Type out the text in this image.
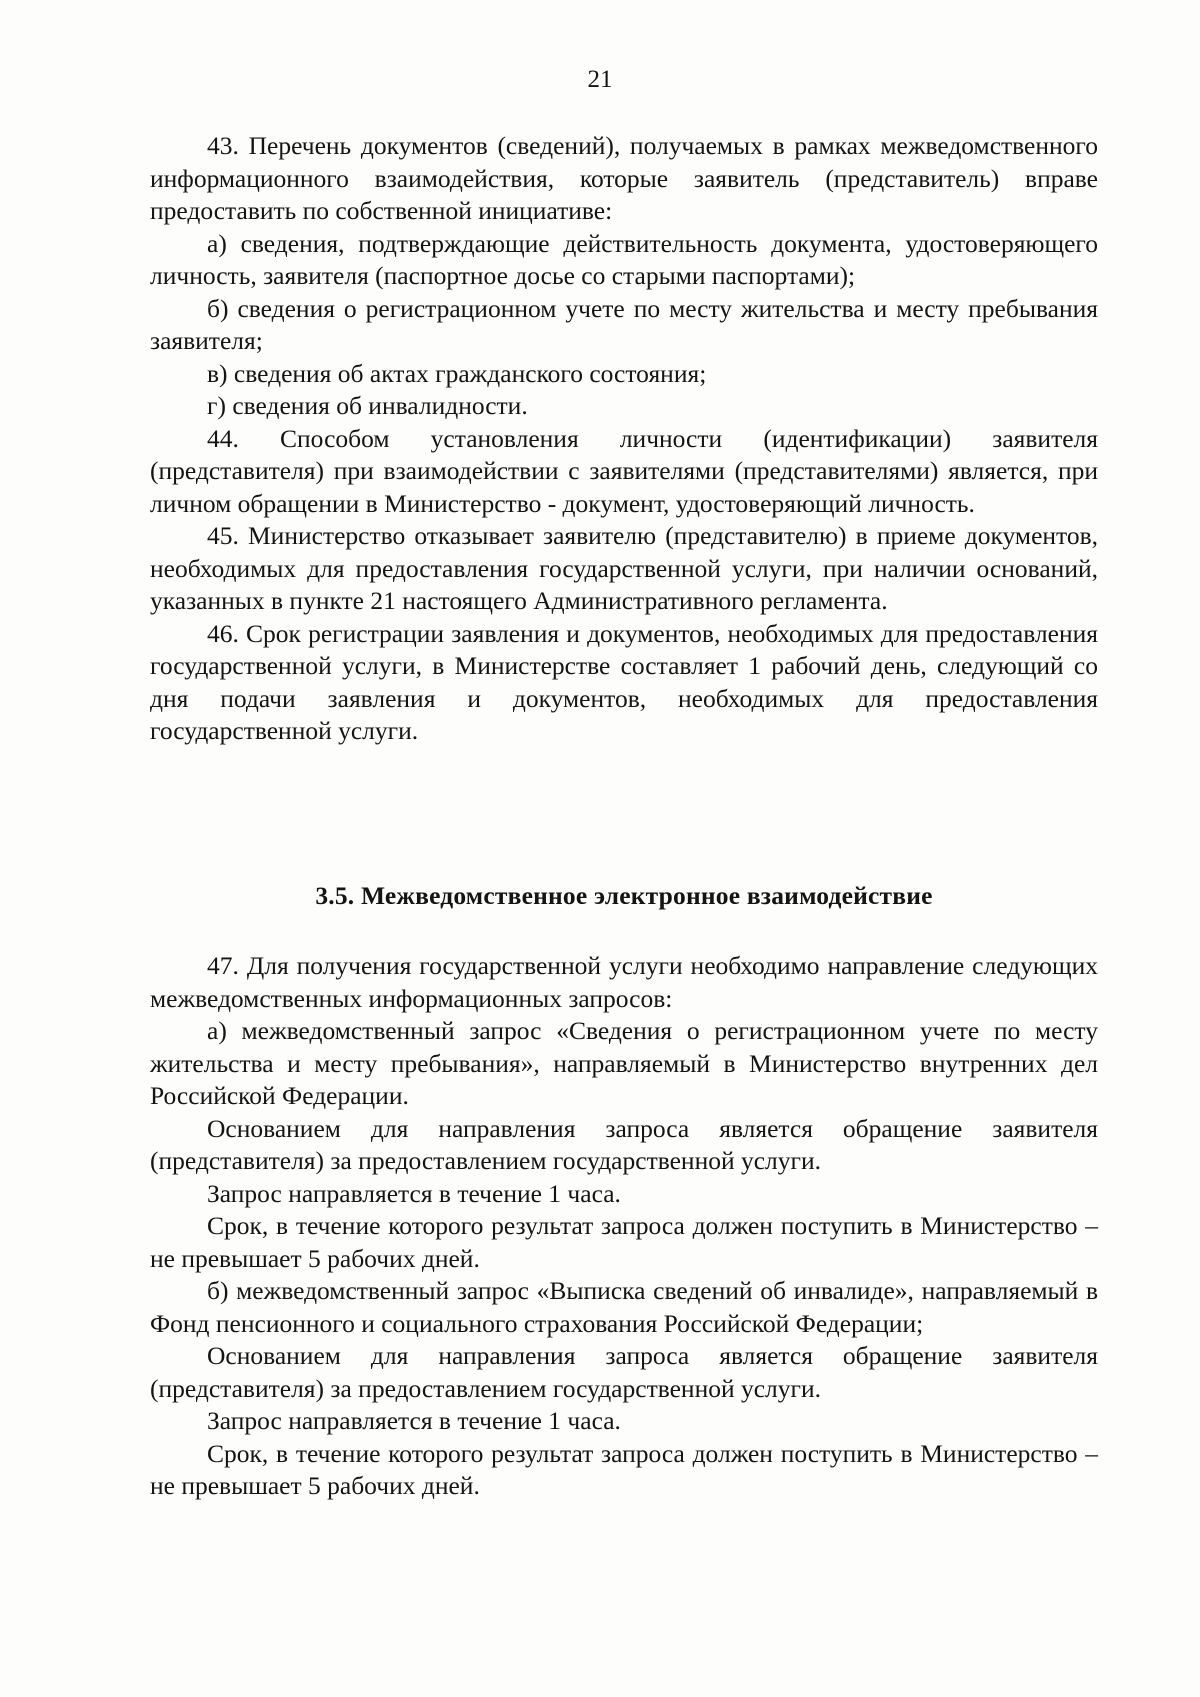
21

43. Перечень документов (сведений), получаемых в рамках межведомственного информационного взаимодействия, которые заявитель (представитель) вправе предоставить по собственной инициативе:

а) сведения, подтверждающие действительность документа, удостоверяющего личность, заявителя (паспортное досье со старыми паспортами);

б) сведения о регистрационном учете по месту жительства и месту пребывания заявителя;

в) сведения об актах гражданского состояния;

г) сведения об инвалидности.

44. Способом установления личности (идентификации) заявителя (представителя) при взаимодействии с заявителями (представителями) является, при личном обращении в Министерство - документ, удостоверяющий личность.

45. Министерство отказывает заявителю (представителю) в приеме документов, необходимых для предоставления государственной услуги, при наличии оснований, указанных в пункте 21 настоящего Административного регламента.

46. Срок регистрации заявления и документов, необходимых для предоставления государственной услуги, в Министерстве составляет 1 рабочий день, следующий со дня подачи заявления и документов, необходимых для предоставления государственной услуги.

3.5. Межведомственное электронное взаимодействие

47. Для получения государственной услуги необходимо направление следующих межведомственных информационных запросов:

а) межведомственный запрос «Сведения о регистрационном учете по месту жительства и месту пребывания», направляемый в Министерство внутренних дел Российской Федерации.

Основанием для направления запроса является обращение заявителя (представителя) за предоставлением государственной услуги.

Запрос направляется в течение 1 часа.

Срок, в течение которого результат запроса должен поступить в Министерство – не превышает 5 рабочих дней.

б) межведомственный запрос «Выписка сведений об инвалиде», направляемый в Фонд пенсионного и социального страхования Российской Федерации;

Основанием для направления запроса является обращение заявителя (представителя) за предоставлением государственной услуги.

Запрос направляется в течение 1 часа.

Срок, в течение которого результат запроса должен поступить в Министерство – не превышает 5 рабочих дней.
